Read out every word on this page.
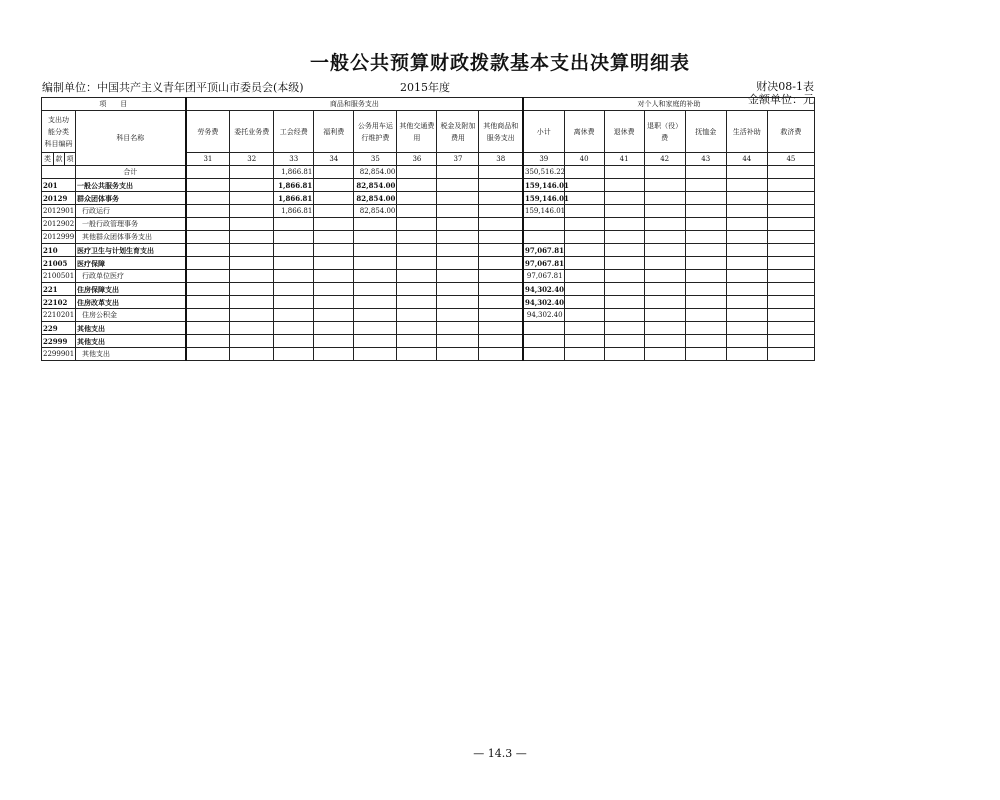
一般公共预算财政拨款基本支出决算明细表
编制单位：中国共产主义青年团平顶山市委员会(本级)	2015年度	财决08-1表
金额单位：元
项　　目				商品和服务支出								对个人和家庭的补助						
支出功
能分类
科目编码			科目名称	劳务费	委托业务费	工会经费	福利费	公务用车运行维护费	其他交通费用	税金及附加费用	其他商品和服务支出	小计	离休费	退休费	退职（役）费	抚恤金	生活补助	救济费
类	款	项		31	32	33	34	35	36	37	38	39	40	41	42	43	44	45
			合计			1,866.81		82,854.00				350,516.22						
201			一般公共服务支出			1,866.81		82,854.00				159,146.01						
20129			群众团体事务			1,866.81		82,854.00				159,146.01						
2012901			行政运行			1,866.81		82,854.00				159,146.01						
2012902			一般行政管理事务															
2012999			其他群众团体事务支出															
210			医疗卫生与计划生育支出									97,067.81						
21005			医疗保障									97,067.81						
2100501			行政单位医疗									97,067.81						
221			住房保障支出									94,302.40						
22102			住房改革支出									94,302.40						
2210201			住房公积金									94,302.40						
229			其他支出															
22999			其他支出															
2299901			其他支出															
— 14.3 —
